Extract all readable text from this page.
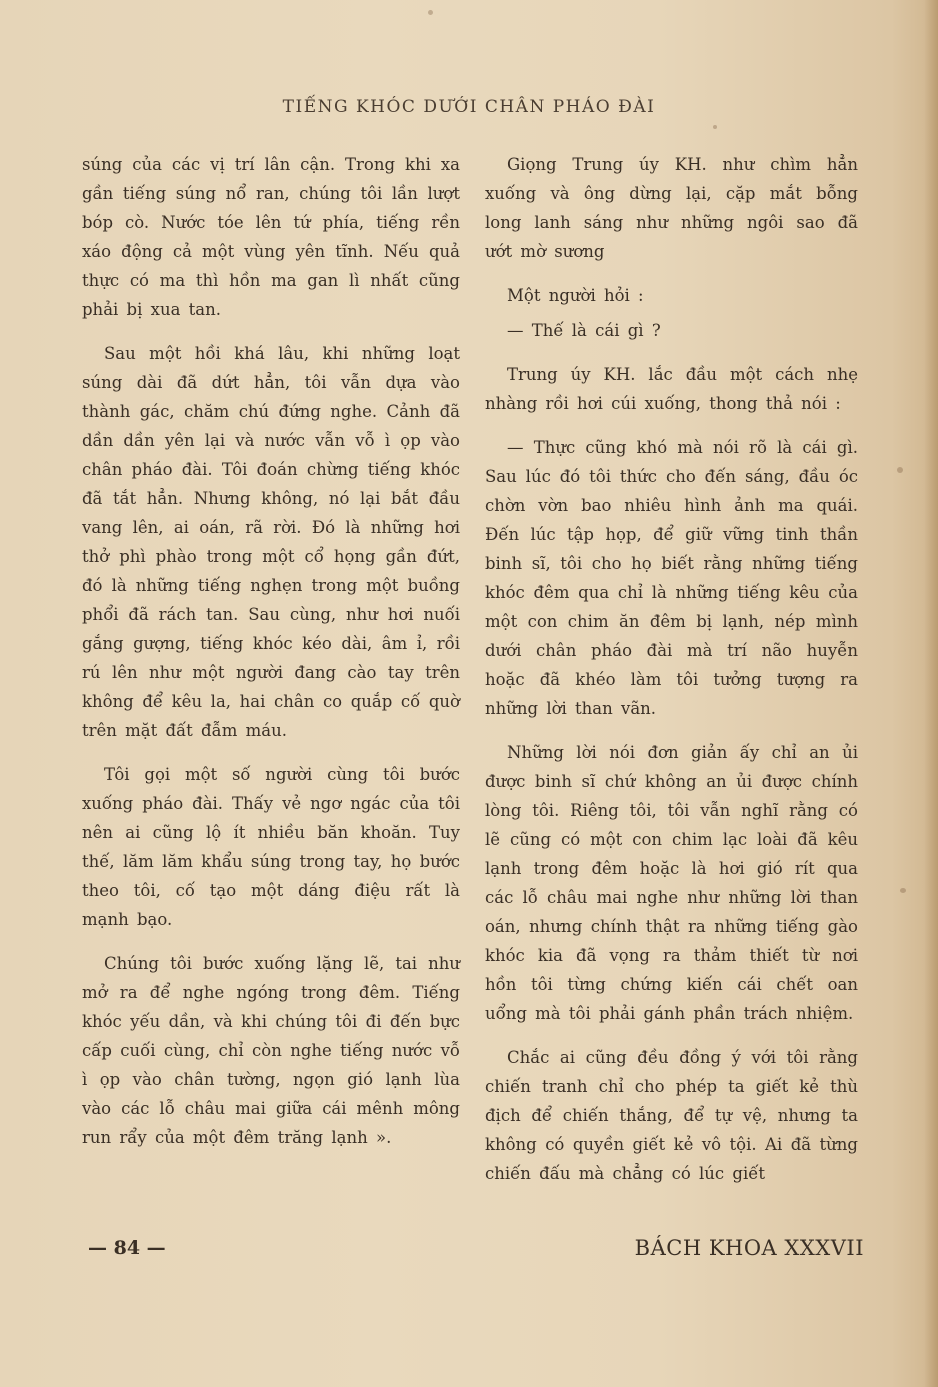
TIẾNG KHÓC DƯỚI CHÂN PHÁO ĐÀI

súng của các vị trí lân cận. Trong khi xa gần tiếng súng nổ ran, chúng tôi lần lượt bóp cò. Nước tóe lên tứ phía, tiếng rền xáo động cả một vùng yên tĩnh. Nếu quả thực có ma thì hồn ma gan lì nhất cũng phải bị xua tan.

Sau một hồi khá lâu, khi những loạt súng dài đã dứt hẳn, tôi vẫn dựa vào thành gác, chăm chú đứng nghe. Cảnh đã dần dần yên lại và nước vẫn vỗ ì ọp vào chân pháo đài. Tôi đoán chừng tiếng khóc đã tắt hẳn. Nhưng không, nó lại bắt đầu vang lên, ai oán, rã rời. Đó là những hơi thở phì phào trong một cổ họng gần đứt, đó là những tiếng nghẹn trong một buồng phổi đã rách tan. Sau cùng, như hơi nuối gắng gượng, tiếng khóc kéo dài, âm ỉ, rồi rú lên như một người đang cào tay trên không để kêu la, hai chân co quắp cố quờ trên mặt đất đẫm máu.

Tôi gọi một số người cùng tôi bước xuống pháo đài. Thấy vẻ ngơ ngác của tôi nên ai cũng lộ ít nhiều băn khoăn. Tuy thế, lăm lăm khẩu súng trong tay, họ bước theo tôi, cố tạo một dáng điệu rất là mạnh bạo.

Chúng tôi bước xuống lặng lẽ, tai như mở ra để nghe ngóng trong đêm. Tiếng khóc yếu dần, và khi chúng tôi đi đến bực cấp cuối cùng, chỉ còn nghe tiếng nước vỗ ì ọp vào chân tường, ngọn gió lạnh lùa vào các lỗ châu mai giữa cái mênh mông run rẩy của một đêm trăng lạnh ».

Giọng Trung úy KH. như chìm hẳn xuống và ông dừng lại, cặp mắt bỗng long lanh sáng như những ngôi sao đã ướt mờ sương

Một người hỏi :

— Thế là cái gì ?

Trung úy KH. lắc đầu một cách nhẹ nhàng rồi hơi cúi xuống, thong thả nói :

— Thực cũng khó mà nói rõ là cái gì. Sau lúc đó tôi thức cho đến sáng, đầu óc chờn vờn bao nhiêu hình ảnh ma quái. Đến lúc tập họp, để giữ vững tinh thần binh sĩ, tôi cho họ biết rằng những tiếng khóc đêm qua chỉ là những tiếng kêu của một con chim ăn đêm bị lạnh, nép mình dưới chân pháo đài mà trí não huyễn hoặc đã khéo làm tôi tưởng tượng ra những lời than vãn.

Những lời nói đơn giản ấy chỉ an ủi được binh sĩ chứ không an ủi được chính lòng tôi. Riêng tôi, tôi vẫn nghĩ rằng có lẽ cũng có một con chim lạc loài đã kêu lạnh trong đêm hoặc là hơi gió rít qua các lỗ châu mai nghe như những lời than oán, nhưng chính thật ra những tiếng gào khóc kia đã vọng ra thảm thiết từ nơi hồn tôi từng chứng kiến cái chết oan uổng mà tôi phải gánh phần trách nhiệm.

Chắc ai cũng đều đồng ý với tôi rằng chiến tranh chỉ cho phép ta giết kẻ thù địch để chiến thắng, để tự vệ, nhưng ta không có quyền giết kẻ vô tội. Ai đã từng chiến đấu mà chẳng có lúc giết

— 84 —	BÁCH KHOA XXXVII
